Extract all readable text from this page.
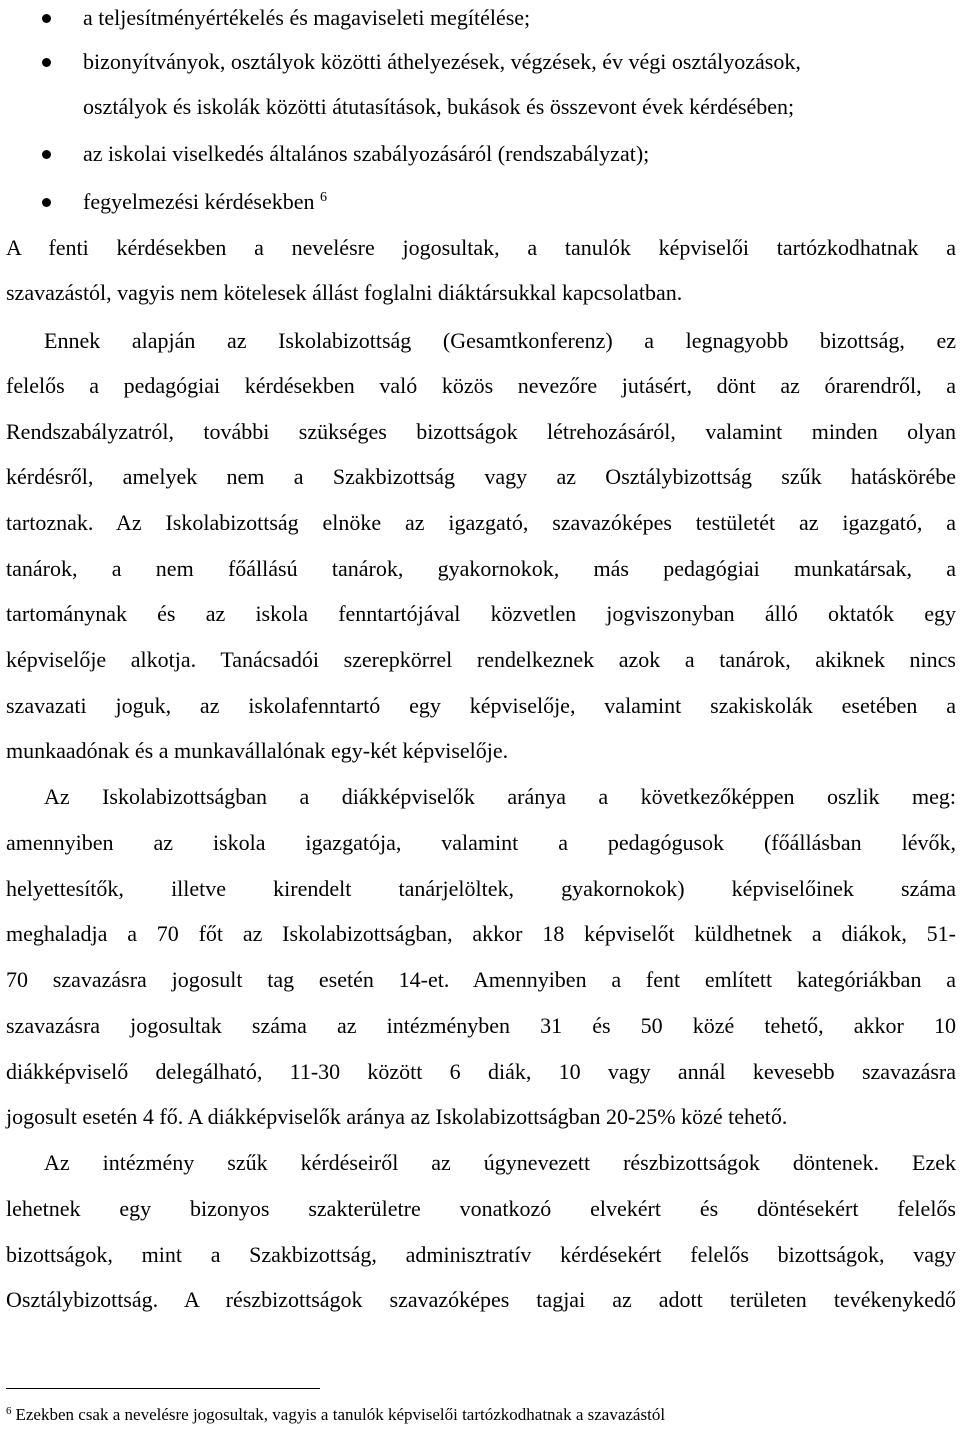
a teljesítményértékelés és magaviseleti megítélése;
bizonyítványok, osztályok közötti áthelyezések, végzések, év végi osztályozások,
osztályok és iskolák közötti átutasítások, bukások és összevont évek kérdésében;
az iskolai viselkedés általános szabályozásáról (rendszabályzat);
fegyelmezési kérdésekben $^6$
A fenti kérdésekben a nevelésre jogosultak, a tanulók képviselői tartózkodhatnak a
szavazástól, vagyis nem kötelesek állást foglalni diáktársukkal kapcsolatban.
Ennek alapján az Iskolabizottság (Gesamtkonferenz) a legnagyobb bizottság, ez
felelős a pedagógiai kérdésekben való közös nevezőre jutásért, dönt az órarendről, a
Rendszabályzatról, további szükséges bizottságok létrehozásáról, valamint minden olyan
kérdésről, amelyek nem a Szakbizottság vagy az Osztálybizottság szűk hatáskörébe
tartoznak. Az Iskolabizottság elnöke az igazgató, szavazóképes testületét az igazgató, a
tanárok, a nem főállású tanárok, gyakornokok, más pedagógiai munkatársak, a
tartománynak és az iskola fenntartójával közvetlen jogviszonyban álló oktatók egy
képviselője alkotja. Tanácsadói szerepkörrel rendelkeznek azok a tanárok, akiknek nincs
szavazati joguk, az iskolafenntartó egy képviselője, valamint szakiskolák esetében a
munkaadónak és a munkavállalónak egy-két képviselője.
Az Iskolabizottságban a diákképviselők aránya a következőképpen oszlik meg:
amennyiben az iskola igazgatója, valamint a pedagógusok (főállásban lévők,
helyettesítők, illetve kirendelt tanárjelöltek, gyakornokok) képviselőinek száma
meghaladja a 70 főt az Iskolabizottságban, akkor 18 képviselőt küldhetnek a diákok, 51-
70 szavazásra jogosult tag esetén 14-et. Amennyiben a fent említett kategóriákban a
szavazásra jogosultak száma az intézményben 31 és 50 közé tehető, akkor 10
diákképviselő delegálható, 11-30 között 6 diák, 10 vagy annál kevesebb szavazásra
jogosult esetén 4 fő. A diákképviselők aránya az Iskolabizottságban 20-25% közé tehető.
Az intézmény szűk kérdéseiről az úgynevezett részbizottságok döntenek. Ezek
lehetnek egy bizonyos szakterületre vonatkozó elvekért és döntésekért felelős
bizottságok, mint a Szakbizottság, adminisztratív kérdésekért felelős bizottságok, vagy
Osztálybizottság. A részbizottságok szavazóképes tagjai az adott területen tevékenykedő
$^6$ Ezekben csak a nevelésre jogosultak, vagyis a tanulók képviselői tartózkodhatnak a szavazástól
